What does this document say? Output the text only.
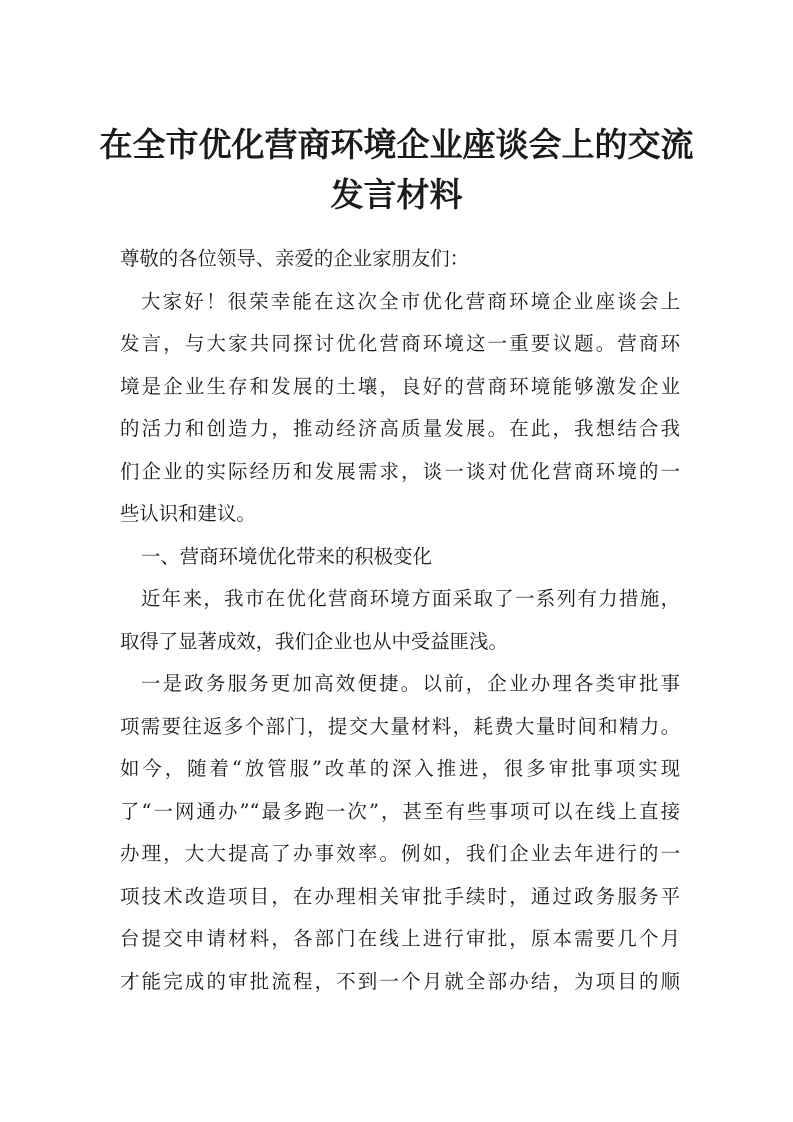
在全市优化营商环境企业座谈会上的交流
发言材料
尊敬的各位领导、亲爱的企业家朋友们：
大家好！很荣幸能在这次全市优化营商环境企业座谈会上
发言，与大家共同探讨优化营商环境这一重要议题。营商环
境是企业生存和发展的土壤，良好的营商环境能够激发企业
的活力和创造力，推动经济高质量发展。在此，我想结合我
们企业的实际经历和发展需求，谈一谈对优化营商环境的一
些认识和建议。
一、营商环境优化带来的积极变化
近年来，我市在优化营商环境方面采取了一系列有力措施，
取得了显著成效，我们企业也从中受益匪浅。
一是政务服务更加高效便捷。以前，企业办理各类审批事
项需要往返多个部门，提交大量材料，耗费大量时间和精力。
如今，随着“放管服”改革的深入推进，很多审批事项实现
了“一网通办”“最多跑一次”，甚至有些事项可以在线上直接
办理，大大提高了办事效率。例如，我们企业去年进行的一
项技术改造项目，在办理相关审批手续时，通过政务服务平
台提交申请材料，各部门在线上进行审批，原本需要几个月
才能完成的审批流程，不到一个月就全部办结，为项目的顺
